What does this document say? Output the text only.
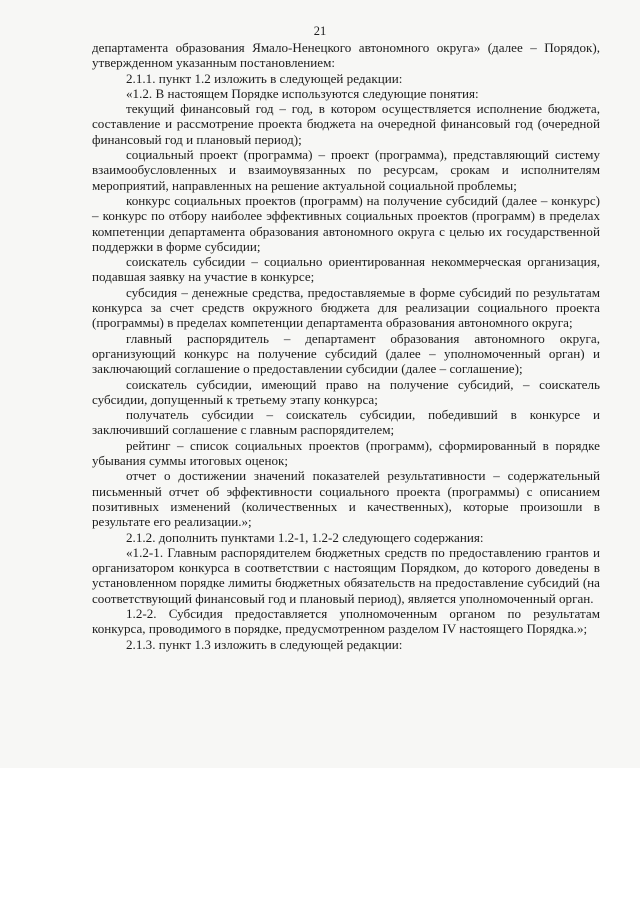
21

департамента образования Ямало-Ненецкого автономного округа» (далее – Порядок), утвержденном указанным постановлением:

2.1.1. пункт 1.2 изложить в следующей редакции:

«1.2. В настоящем Порядке используются следующие понятия:

текущий финансовый год – год, в котором осуществляется исполнение бюджета, составление и рассмотрение проекта бюджета на очередной финансовый год (очередной финансовый год и плановый период);

социальный проект (программа) – проект (программа), представляющий систему взаимообусловленных и взаимоувязанных по ресурсам, срокам и исполнителям мероприятий, направленных на решение актуальной социальной проблемы;

конкурс социальных проектов (программ) на получение субсидий (далее – конкурс) – конкурс по отбору наиболее эффективных социальных проектов (программ) в пределах компетенции департамента образования автономного округа с целью их государственной поддержки в форме субсидии;

соискатель субсидии – социально ориентированная некоммерческая организация, подавшая заявку на участие в конкурсе;

субсидия – денежные средства, предоставляемые в форме субсидий по результатам конкурса за счет средств окружного бюджета для реализации социального проекта (программы) в пределах компетенции департамента образования автономного округа;

главный распорядитель – департамент образования автономного округа, организующий конкурс на получение субсидий (далее – уполномоченный орган) и заключающий соглашение о предоставлении субсидии (далее – соглашение);

соискатель субсидии, имеющий право на получение субсидий, – соискатель субсидии, допущенный к третьему этапу конкурса;

получатель субсидии – соискатель субсидии, победивший в конкурсе и заключивший соглашение с главным распорядителем;

рейтинг – список социальных проектов (программ), сформированный в порядке убывания суммы итоговых оценок;

отчет о достижении значений показателей результативности – содержательный письменный отчет об эффективности социального проекта (программы) с описанием позитивных изменений (количественных и качественных), которые произошли в результате его реализации.»;

2.1.2. дополнить пунктами 1.2-1, 1.2-2 следующего содержания:

«1.2-1. Главным распорядителем бюджетных средств по предоставлению грантов и организатором конкурса в соответствии с настоящим Порядком, до которого доведены в установленном порядке лимиты бюджетных обязательств на предоставление субсидий (на соответствующий финансовый год и плановый период), является уполномоченный орган.

1.2-2. Субсидия предоставляется уполномоченным органом по результатам конкурса, проводимого в порядке, предусмотренном разделом IV настоящего Порядка.»;

2.1.3. пункт 1.3 изложить в следующей редакции:
